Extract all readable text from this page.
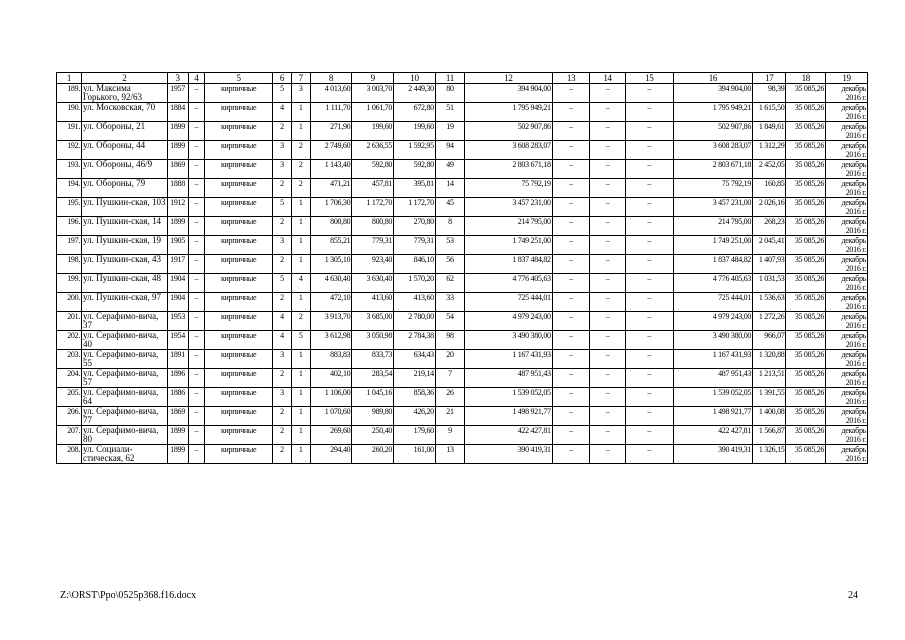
1	2	3	4	5	6	7	8	9	10	11	12	13	14	15	16	17	18	19
189.	ул. Максима Горького, 92/63	1957	–	кирпичные	5	3	4 013,60	3 003,70	2 449,30	80	394 904,00	–	–	–	394 904,00	98,39	35 085,26	декабрь 2016 г.
190.	ул. Московская, 70	1884	–	кирпичные	4	1	1 111,70	1 061,70	672,80	51	1 795 949,21	–	–	–	1 795 949,21	1 615,50	35 085,26	декабрь 2016 г.
191.	ул. Обороны, 21	1899	–	кирпичные	2	1	271,90	199,60	199,60	19	502 907,86	–	–	–	502 907,86	1 849,61	35 085,26	декабрь 2016 г.
192.	ул. Обороны, 44	1899	–	кирпичные	3	2	2 749,60	2 636,55	1 592,95	94	3 608 283,07	–	–	–	3 608 283,07	1 312,29	35 085,26	декабрь 2016 г.
193.	ул. Обороны, 46/9	1869	–	кирпичные	3	2	1 143,40	592,80	592,80	49	2 803 671,18	–	–	–	2 803 671,18	2 452,05	35 085,26	декабрь 2016 г.
194.	ул. Обороны, 79	1888	–	кирпичные	2	2	471,21	457,81	395,81	14	75 792,19	–	–	–	75 792,19	160,85	35 085,26	декабрь 2016 г.
195.	ул. Пушкин-ская, 103	1912	–	кирпичные	5	1	1 706,30	1 172,70	1 172,70	45	3 457 231,00	–	–	–	3 457 231,00	2 026,16	35 085,26	декабрь 2016 г.
196.	ул. Пушкин-ская, 14	1899	–	кирпичные	2	1	800,80	800,80	270,80	8	214 795,00	–	–	–	214 795,00	268,23	35 085,26	декабрь 2016 г.
197.	ул. Пушкин-ская, 19	1905	–	кирпичные	3	1	855,21	779,31	779,31	53	1 749 251,00	–	–	–	1 749 251,00	2 045,41	35 085,26	декабрь 2016 г.
198.	ул. Пушкин-ская, 43	1917	–	кирпичные	2	1	1 305,10	923,40	846,10	56	1 837 484,82	–	–	–	1 837 484,82	1 407,93	35 085,26	декабрь 2016 г.
199.	ул. Пушкин-ская, 48	1904	–	кирпичные	5	4	4 630,40	3 630,40	1 570,20	62	4 776 405,63	–	–	–	4 776 405,63	1 031,53	35 085,26	декабрь 2016 г.
200.	ул. Пушкин-ская, 97	1904	–	кирпичные	2	1	472,10	413,60	413,60	33	725 444,01	–	–	–	725 444,01	1 536,63	35 085,26	декабрь 2016 г.
201.	ул. Серафимо-вича, 37	1953	–	кирпичные	4	2	3 913,70	3 685,00	2 780,00	54	4 979 243,00	–	–	–	4 979 243,00	1 272,26	35 085,26	декабрь 2016 г.
202.	ул. Серафимо-вича, 40	1954	–	кирпичные	4	5	3 612,98	3 050,98	2 784,38	98	3 490 380,00	–	–	–	3 490 380,00	966,07	35 085,26	декабрь 2016 г.
203.	ул. Серафимо-вича, 55	1891	–	кирпичные	3	1	883,83	833,73	634,43	20	1 167 431,93	–	–	–	1 167 431,93	1 320,88	35 085,26	декабрь 2016 г.
204.	ул. Серафимо-вича, 57	1896	–	кирпичные	2	1	402,10	283,54	219,14	7	487 951,43	–	–	–	487 951,43	1 213,51	35 085,26	декабрь 2016 г.
205.	ул. Серафимо-вича, 64	1886	–	кирпичные	3	1	1 106,00	1 045,16	858,36	26	1 539 052,05	–	–	–	1 539 052,05	1 391,55	35 085,26	декабрь 2016 г.
206.	ул. Серафимо-вича, 77	1869	–	кирпичные	2	1	1 070,60	989,80	426,20	21	1 498 921,77	–	–	–	1 498 921,77	1 400,08	35 085,26	декабрь 2016 г.
207.	ул. Серафимо-вича, 80	1899	–	кирпичные	2	1	269,60	250,40	179,60	9	422 427,81	–	–	–	422 427,81	1 566,87	35 085,26	декабрь 2016 г.
208.	ул. Социали-стическая, 62	1899	–	кирпичные	2	1	294,40	260,20	161,00	13	390 419,31	–	–	–	390 419,31	1 326,15	35 085,26	декабрь 2016 г.
Z:\ORST\Ppo\0525p368.f16.docx	24
